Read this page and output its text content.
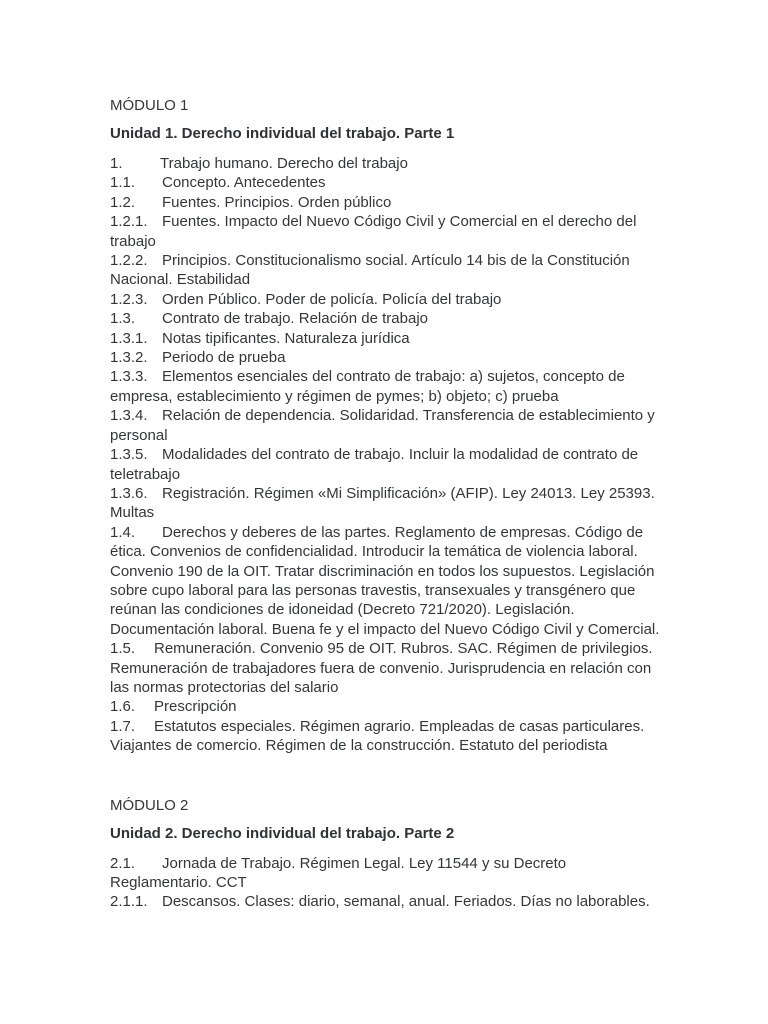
MÓDULO 1
Unidad 1. Derecho individual del trabajo. Parte 1

1. Trabajo humano. Derecho del trabajo

1.1. Concepto. Antecedentes

1.2. Fuentes. Principios. Orden público

1.2.1. Fuentes. Impacto del Nuevo Código Civil y Comercial en el derecho del trabajo

1.2.2. Principios. Constitucionalismo social. Artículo 14 bis de la Constitución Nacional. Estabilidad

1.2.3. Orden Público. Poder de policía. Policía del trabajo

1.3. Contrato de trabajo. Relación de trabajo

1.3.1. Notas tipificantes. Naturaleza jurídica

1.3.2. Periodo de prueba

1.3.3. Elementos esenciales del contrato de trabajo: a) sujetos, concepto de empresa, establecimiento y régimen de pymes; b) objeto; c) prueba

1.3.4. Relación de dependencia. Solidaridad. Transferencia de establecimiento y personal

1.3.5. Modalidades del contrato de trabajo. Incluir la modalidad de contrato de teletrabajo

1.3.6. Registración. Régimen «Mi Simplificación» (AFIP). Ley 24013. Ley 25393. Multas

1.4. Derechos y deberes de las partes. Reglamento de empresas. Código de ética. Convenios de confidencialidad. Introducir la temática de violencia laboral. Convenio 190 de la OIT. Tratar discriminación en todos los supuestos. Legislación sobre cupo laboral para las personas travestis, transexuales y transgénero que reúnan las condiciones de idoneidad (Decreto 721/2020). Legislación. Documentación laboral. Buena fe y el impacto del Nuevo Código Civil y Comercial.

1.5. Remuneración. Convenio 95 de OIT. Rubros. SAC. Régimen de privilegios. Remuneración de trabajadores fuera de convenio. Jurisprudencia en relación con las normas protectorias del salario

1.6. Prescripción

1.7. Estatutos especiales. Régimen agrario. Empleadas de casas particulares. Viajantes de comercio. Régimen de la construcción. Estatuto del periodista

MÓDULO 2
Unidad 2. Derecho individual del trabajo. Parte 2

2.1. Jornada de Trabajo. Régimen Legal. Ley 11544 y su Decreto Reglamentario. CCT

2.1.1. Descansos. Clases: diario, semanal, anual. Feriados. Días no laborables.
